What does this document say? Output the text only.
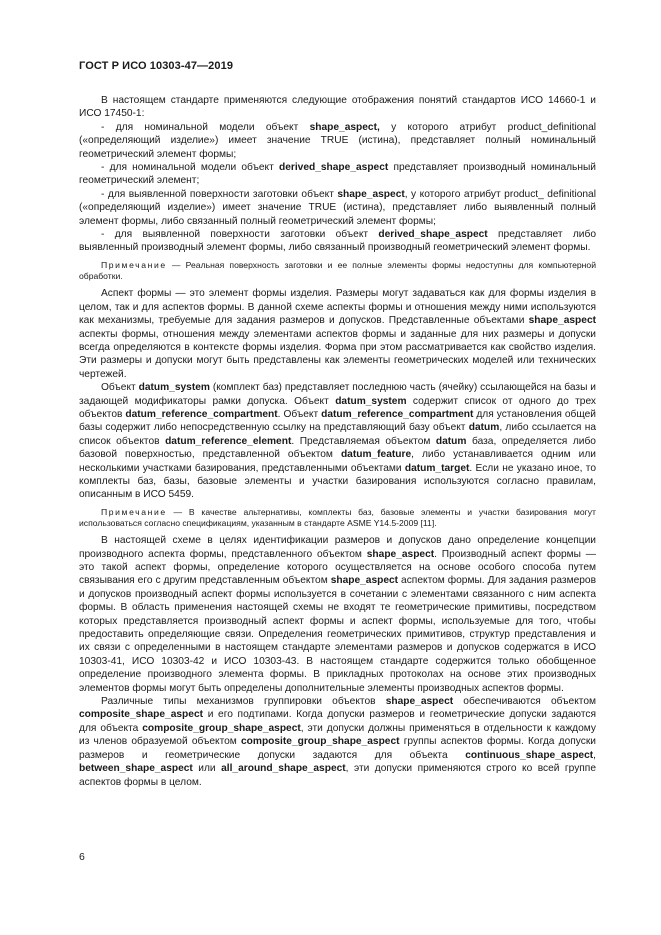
ГОСТ Р ИСО 10303-47—2019

В настоящем стандарте применяются следующие отображения понятий стандартов ИСО 14660-1 и ИСО 17450-1:

- для номинальной модели объект shape_aspect, у которого атрибут product_definitional («определяющий изделие») имеет значение TRUE (истина), представляет полный номинальный геометрический элемент формы;

- для номинальной модели объект derived_shape_aspect представляет производный номинальный геометрический элемент;

- для выявленной поверхности заготовки объект shape_aspect, у которого атрибут product_ definitional («определяющий изделие») имеет значение TRUE (истина), представляет либо выявленный полный элемент формы, либо связанный полный геометрический элемент формы;

- для выявленной поверхности заготовки объект derived_shape_aspect представляет либо выявленный производный элемент формы, либо связанный производный геометрический элемент формы.

Примечание — Реальная поверхность заготовки и ее полные элементы формы недоступны для компьютерной обработки.

Аспект формы — это элемент формы изделия. Размеры могут задаваться как для формы изделия в целом, так и для аспектов формы. В данной схеме аспекты формы и отношения между ними используются как механизмы, требуемые для задания размеров и допусков. Представленные объектами shape_aspect аспекты формы, отношения между элементами аспектов формы и заданные для них размеры и допуски всегда определяются в контексте формы изделия. Форма при этом рассматривается как свойство изделия. Эти размеры и допуски могут быть представлены как элементы геометрических моделей или технических чертежей.

Объект datum_system (комплект баз) представляет последнюю часть (ячейку) ссылающейся на базы и задающей модификаторы рамки допуска. Объект datum_system содержит список от одного до трех объектов datum_reference_compartment. Объект datum_reference_compartment для установления общей базы содержит либо непосредственную ссылку на представляющий базу объект datum, либо ссылается на список объектов datum_reference_element. Представляемая объектом datum база, определяется либо базовой поверхностью, представленной объектом datum_feature, либо устанавливается одним или несколькими участками базирования, представленными объектами datum_target. Если не указано иное, то комплекты баз, базы, базовые элементы и участки базирования используются согласно правилам, описанным в ИСО 5459.

Примечание — В качестве альтернативы, комплекты баз, базовые элементы и участки базирования могут использоваться согласно спецификациям, указанным в стандарте ASME Y14.5-2009 [11].

В настоящей схеме в целях идентификации размеров и допусков дано определение концепции производного аспекта формы, представленного объектом shape_aspect. Производный аспект формы — это такой аспект формы, определение которого осуществляется на основе особого способа путем связывания его с другим представленным объектом shape_aspect аспектом формы. Для задания размеров и допусков производный аспект формы используется в сочетании с элементами связанного с ним аспекта формы. В область применения настоящей схемы не входят те геометрические примитивы, посредством которых представляется производный аспект формы и аспект формы, используемые для того, чтобы предоставить определяющие связи. Определения геометрических примитивов, структур представления и их связи с определенными в настоящем стандарте элементами размеров и допусков содержатся в ИСО 10303-41, ИСО 10303-42 и ИСО 10303-43. В настоящем стандарте содержится только обобщенное определение производного элемента формы. В прикладных протоколах на основе этих производных элементов формы могут быть определены дополнительные элементы производных аспектов формы.

Различные типы механизмов группировки объектов shape_aspect обеспечиваются объектом composite_shape_aspect и его подтипами. Когда допуски размеров и геометрические допуски задаются для объекта composite_group_shape_aspect, эти допуски должны применяться в отдельности к каждому из членов образуемой объектом composite_group_shape_aspect группы аспектов формы. Когда допуски размеров и геометрические допуски задаются для объекта continuous_shape_aspect, between_shape_aspect или all_around_shape_aspect, эти допуски применяются строго ко всей группе аспектов формы в целом.

6
